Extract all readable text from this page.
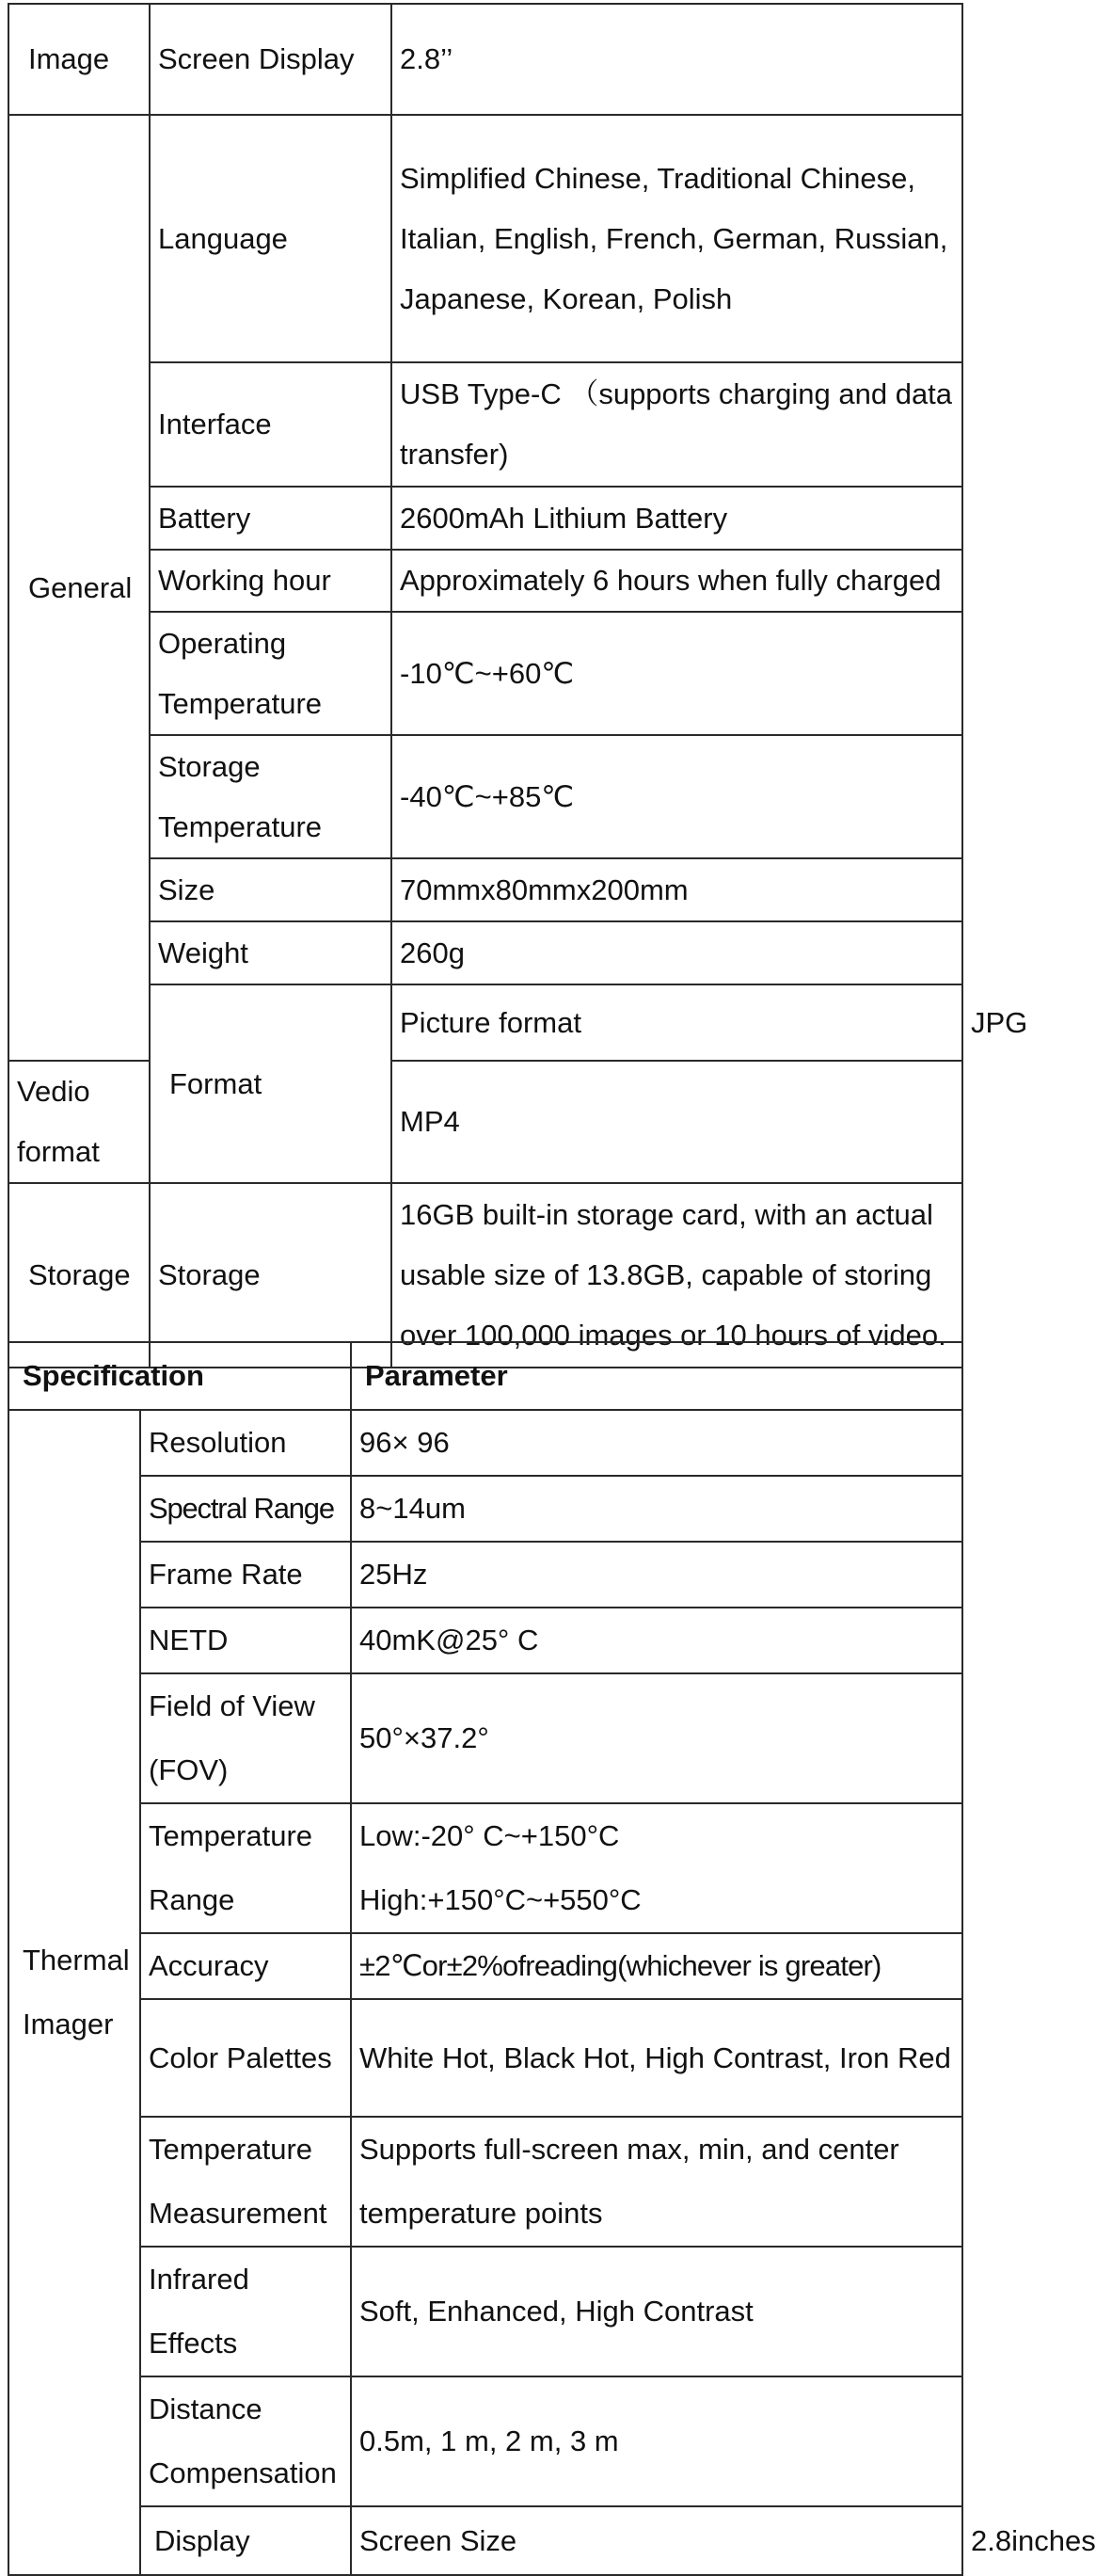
Image	Screen Display	2.8’’	
General	Language	Simplified Chinese, Traditional Chinese, Italian, English, French, German, Russian, Japanese, Korean, Polish	
	Interface	USB Type-C （supports charging and data transfer)	
	Battery	2600mAh Lithium Battery	
	Working hour	Approximately 6 hours when fully charged	
	Operating Temperature	-10℃~+60℃	
	Storage Temperature	-40℃~+85℃	
	Size	70mmx80mmx200mm	
	Weight	260g	
	Format	Picture format	JPG
Vedio format		MP4	
Storage	Storage	16GB built-in storage card, with an actual usable size of 13.8GB, capable of storing over 100,000 images or 10 hours of video.	
Specification		Parameter	

Thermal
Imager	Resolution	96× 96	
	Spectral Range	8~14um	
	Frame Rate	25Hz	
	NETD	40mK@25° C	
	Field of View (FOV)	50°×37.2°	
	Temperature Range	Low:-20° C~+150°C
High:+150°C~+550°C	

	Accuracy	±2℃or±2%ofreading(whichever is greater)	
	Color Palettes	White Hot, Black Hot, High Contrast, Iron Red	
	Temperature Measurement	Supports full-screen max, min, and center temperature points	
	Infrared Effects	Soft, Enhanced, High Contrast	
	Distance Compensation	0.5m, 1 m, 2 m, 3 m	
	Display	Screen Size	2.8inches
